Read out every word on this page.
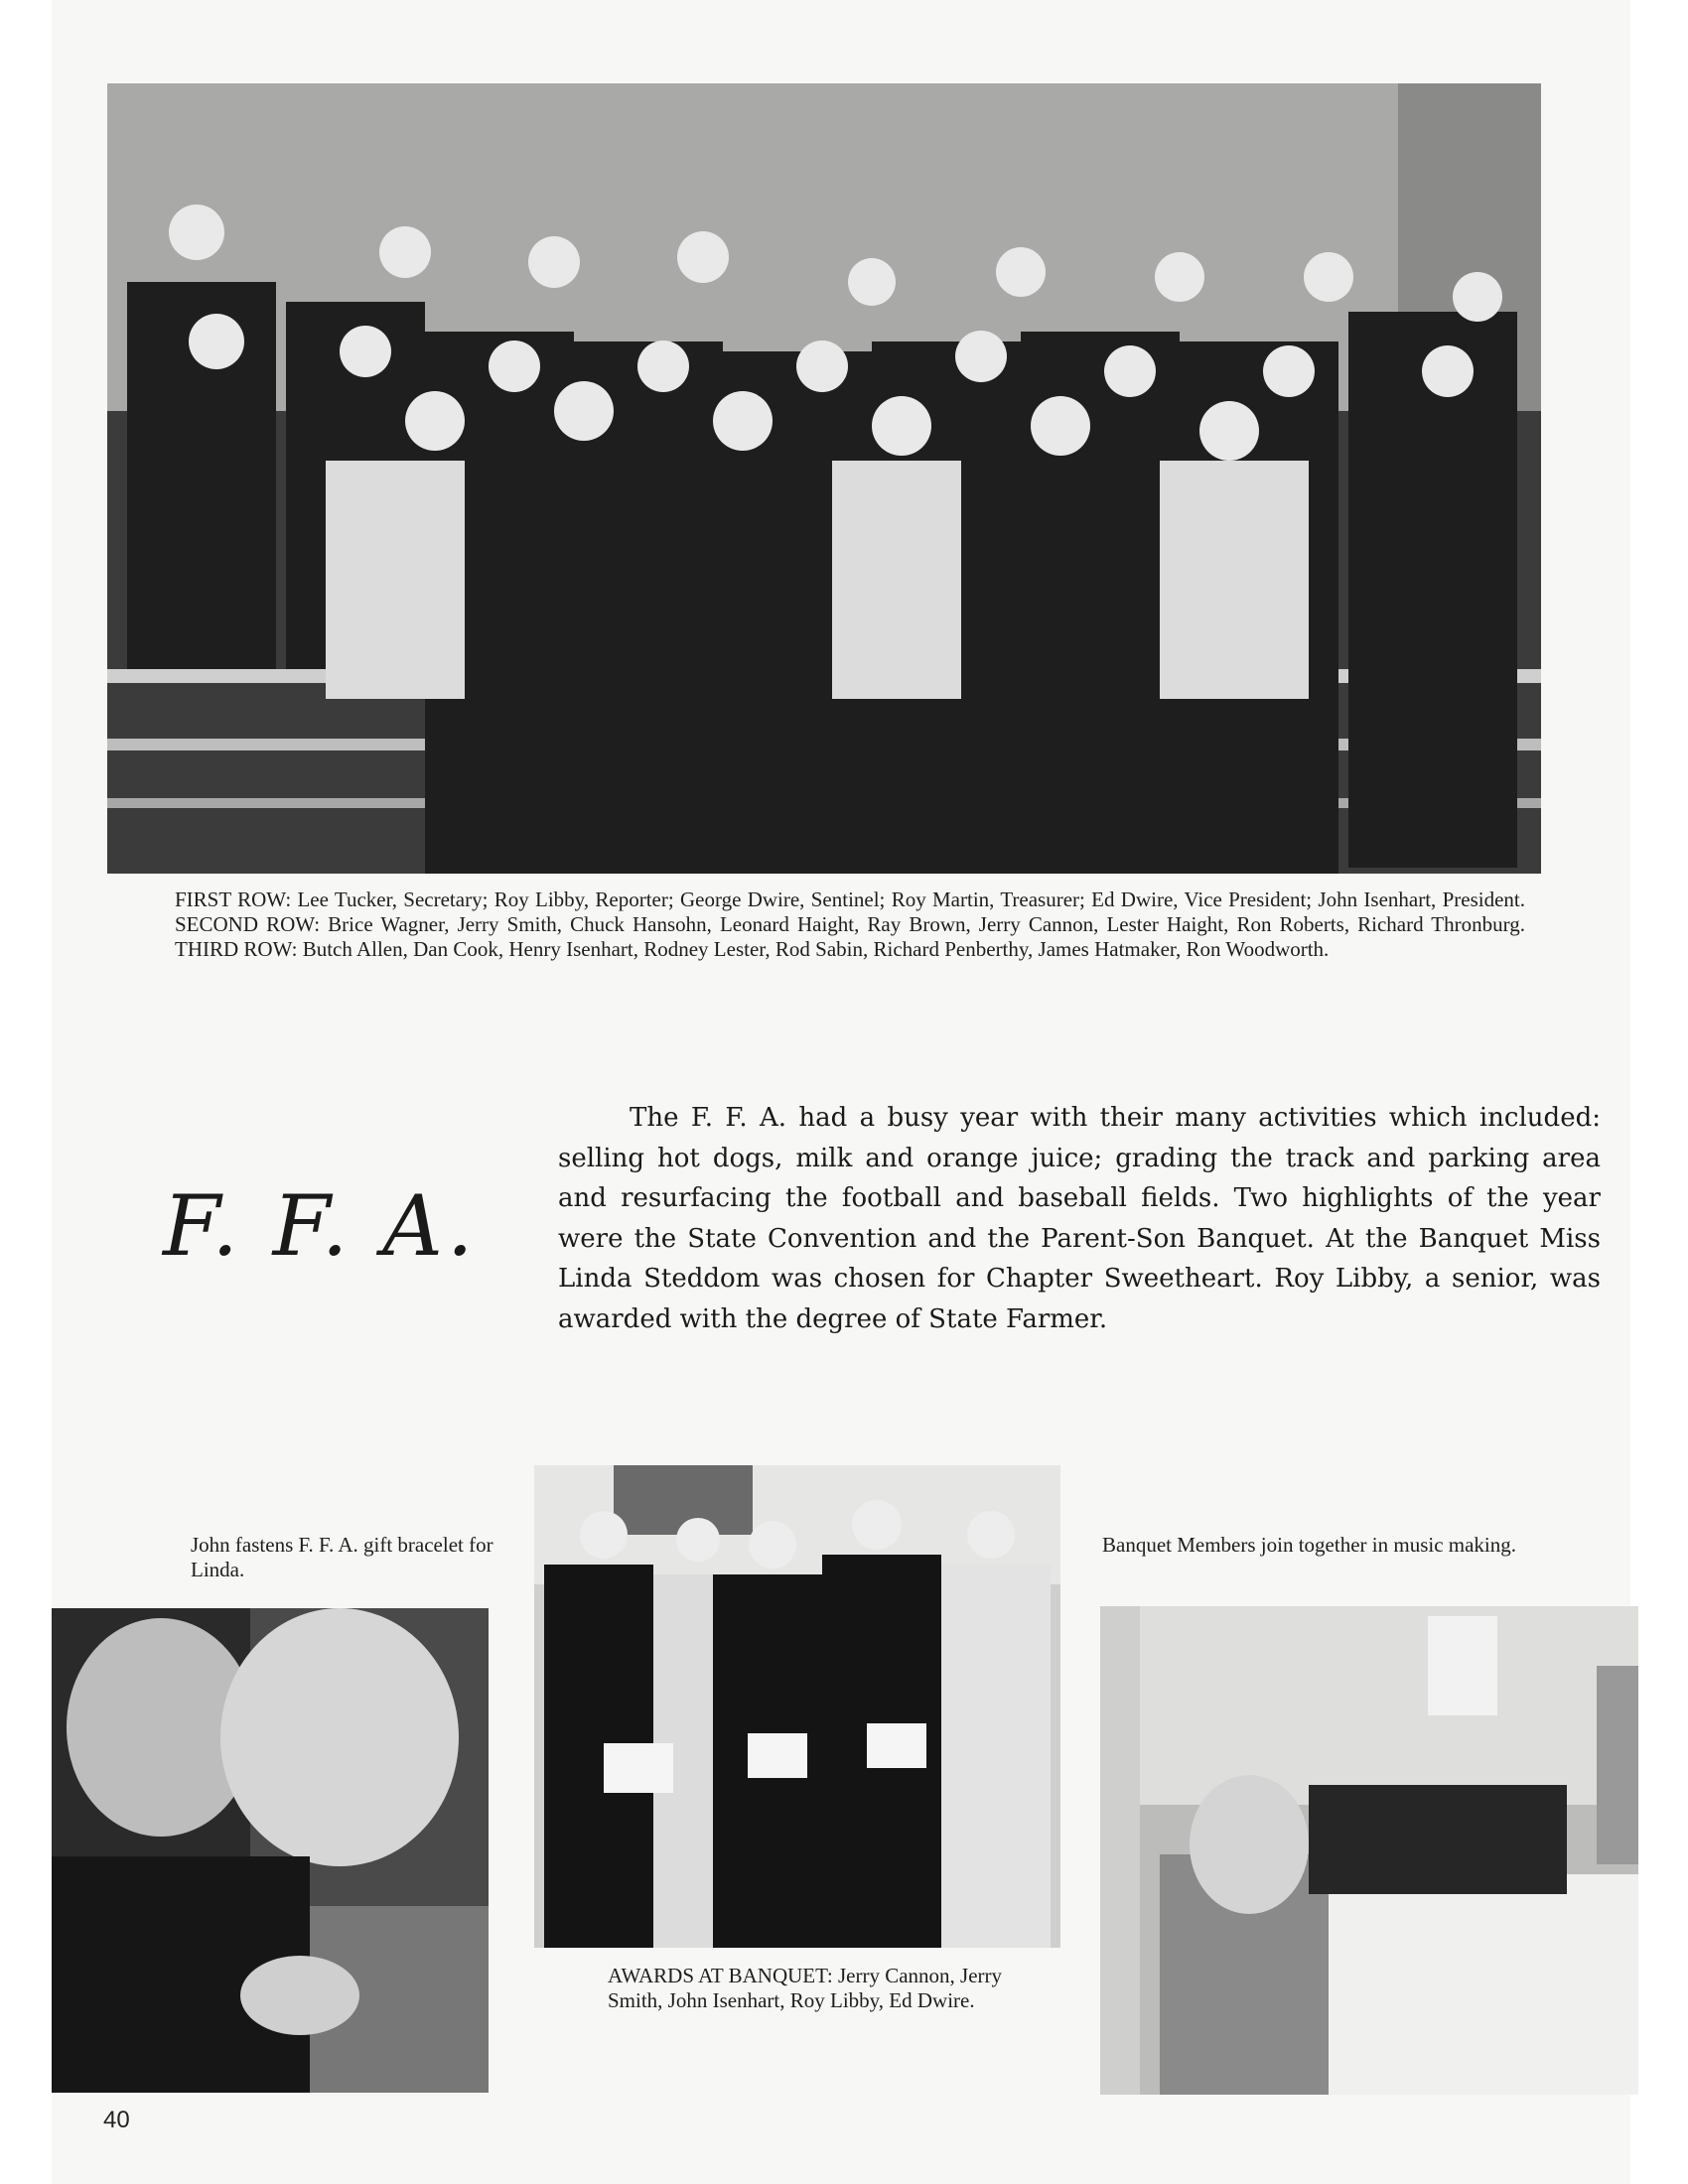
FIRST ROW: Lee Tucker, Secretary; Roy Libby, Reporter; George Dwire, Sentinel; Roy Martin, Treasurer; Ed Dwire, Vice President; John Isenhart, President. SECOND ROW: Brice Wagner, Jerry Smith, Chuck Hansohn, Leonard Haight, Ray Brown, Jerry Cannon, Lester Haight, Ron Roberts, Richard Thronburg. THIRD ROW: Butch Allen, Dan Cook, Henry Isenhart, Rodney Lester, Rod Sabin, Richard Penberthy, James Hatmaker, Ron Woodworth.
F. F. A.
The F. F. A. had a busy year with their many activities which included: selling hot dogs, milk and orange juice; grading the track and parking area and resurfacing the football and baseball fields. Two highlights of the year were the State Convention and the Parent-Son Banquet. At the Banquet Miss Linda Steddom was chosen for Chapter Sweetheart. Roy Libby, a senior, was awarded with the degree of State Farmer.
John fastens F. F. A. gift bracelet for Linda.
AWARDS AT BANQUET: Jerry Cannon, Jerry Smith, John Isenhart, Roy Libby, Ed Dwire.
Banquet Members join together in music making.
40
